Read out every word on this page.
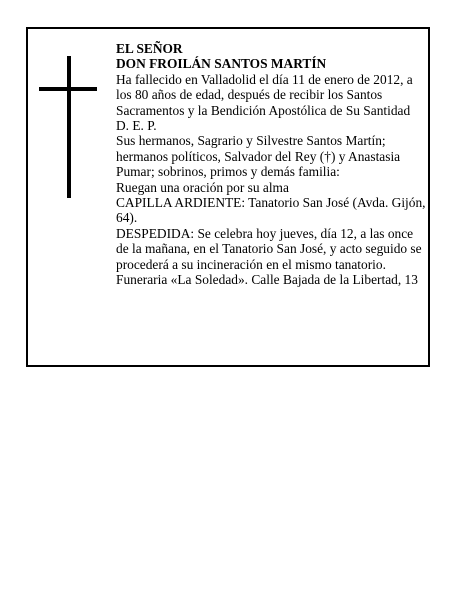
EL SEÑOR

DON FROILÁN SANTOS MARTÍN

Ha fallecido en Valladolid el día 11 de enero de 2012, a los 80 años de edad, después de recibir los Santos Sacramentos y la Bendición Apostólica de Su Santidad D. E. P.

Sus hermanos, Sagrario y Silvestre Santos Martín; hermanos políticos, Salvador del Rey (†) y Anastasia Pumar; sobrinos, primos y demás familia:

Ruegan una oración por su alma

CAPILLA ARDIENTE: Tanatorio San José (Avda. Gijón, 64).

DESPEDIDA: Se celebra hoy jueves, día 12, a las once de la mañana, en el Tanatorio San José, y acto seguido se procederá a su incineración en el mismo tanatorio.

Funeraria «La Soledad». Calle Bajada de la Libertad, 13
